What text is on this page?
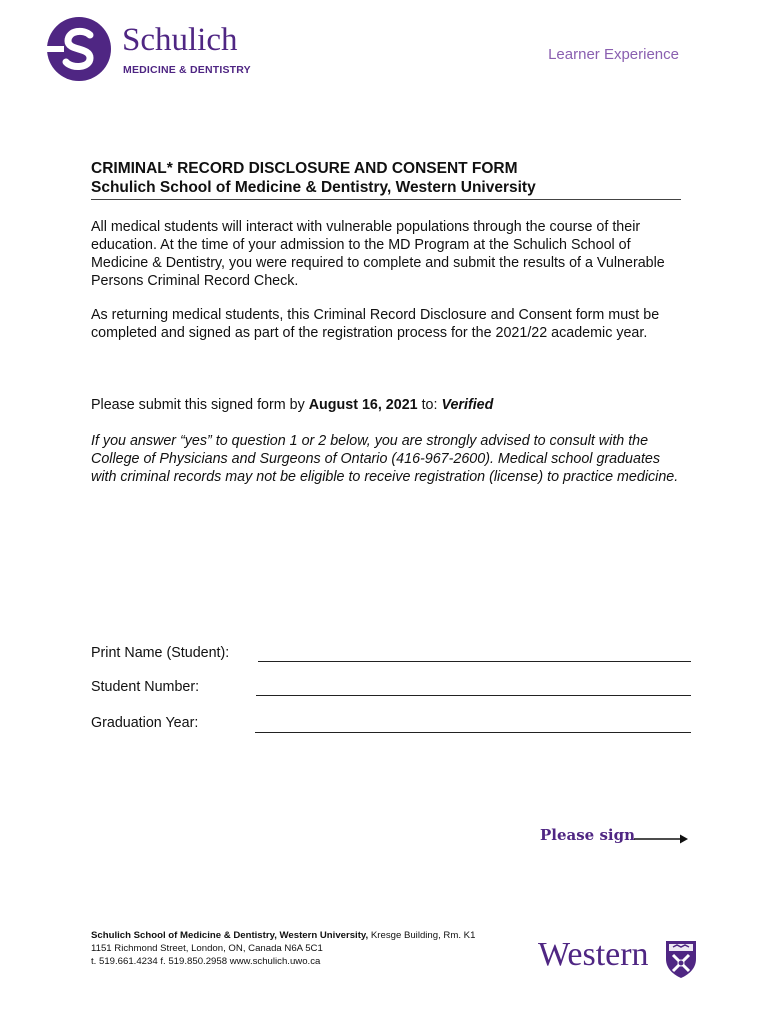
Schulich
MEDICINE & DENTISTRY
Learner Experience
CRIMINAL* RECORD DISCLOSURE AND CONSENT FORM
Schulich School of Medicine & Dentistry, Western University

All medical students will interact with vulnerable populations through the course of their education. At the time of your admission to the MD Program at the Schulich School of Medicine & Dentistry, you were required to complete and submit the results of a Vulnerable Persons Criminal Record Check.

As returning medical students, this Criminal Record Disclosure and Consent form must be completed and signed as part of the registration process for the 2021/22 academic year.

Please submit this signed form by August 16, 2021 to: Verified

If you answer “yes” to question 1 or 2 below, you are strongly advised to consult with the College of Physicians and Surgeons of Ontario (416-967-2600). Medical school graduates with criminal records may not be eligible to receive registration (license) to practice medicine.

Print Name (Student):
Student Number:
Graduation Year:
Please sign
Schulich School of Medicine & Dentistry, Western University, Kresge Building, Rm. K1
1151 Richmond Street, London, ON, Canada N6A 5C1
t. 519.661.4234 f. 519.850.2958 www.schulich.uwo.ca	Western
